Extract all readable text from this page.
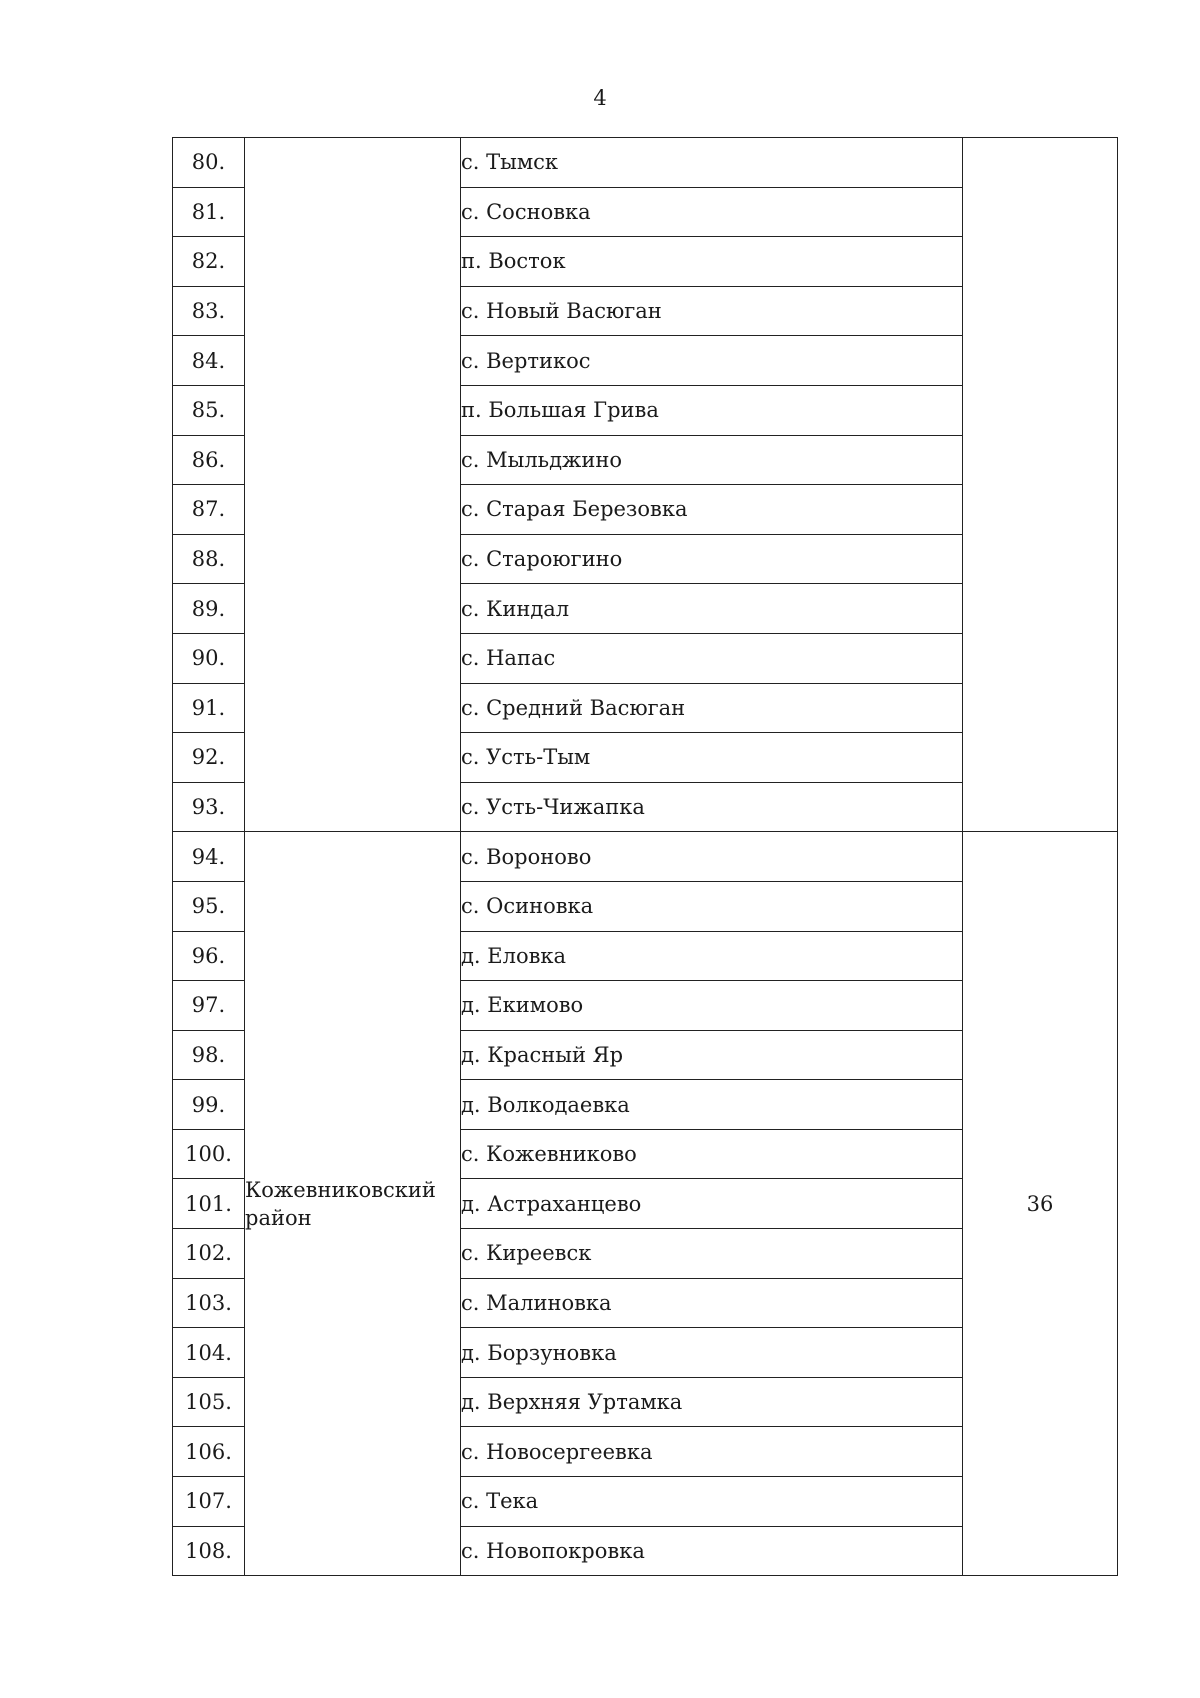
4
80.		с. Тымск	
81.		с. Сосновка	
82.		п. Восток	
83.		с. Новый Васюган	
84.		с. Вертикос	
85.		п. Большая Грива	
86.		с. Мыльджино	
87.		с. Старая Березовка	
88.		с. Староюгино	
89.		с. Киндал	
90.		с. Напас	
91.		с. Средний Васюган	
92.		с. Усть-Тым	
93.		с. Усть-Чижапка	
94.	Кожевниковский район	с. Вороново	36
95.		с. Осиновка	
96.		д. Еловка	
97.		д. Екимово	
98.		д. Красный Яр	
99.		д. Волкодаевка	
100.		с. Кожевниково	
101.		д. Астраханцево	
102.		с. Киреевск	
103.		с. Малиновка	
104.		д. Борзуновка	
105.		д. Верхняя Уртамка	
106.		с. Новосергеевка	
107.		с. Тека	
108.		с. Новопокровка	
